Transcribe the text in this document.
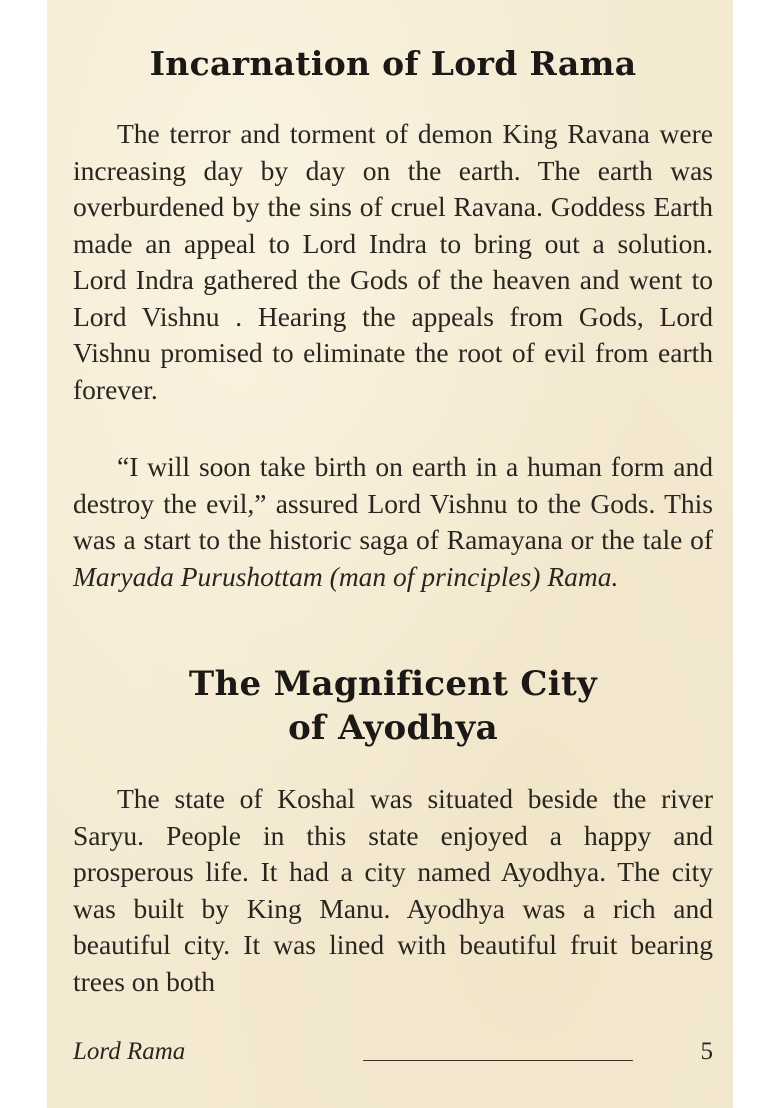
Incarnation of Lord Rama

The terror and torment of demon King Ravana were increasing day by day on the earth. The earth was overburdened by the sins of cruel Ravana. Goddess Earth made an appeal to Lord Indra to bring out a solution. Lord Indra gathered the Gods of the heaven and went to Lord Vishnu . Hearing the appeals from Gods, Lord Vishnu promised to eliminate the root of evil from earth forever.

“I will soon take birth on earth in a human form and destroy the evil,” assured Lord Vishnu to the Gods. This was a start to the historic saga of Ramayana or the tale of Maryada Purushottam (man of principles) Rama.

The Magnificent City
of Ayodhya

The state of Koshal was situated beside the river Saryu. People in this state enjoyed a happy and prosperous life. It had a city named Ayodhya. The city was built by King Manu. Ayodhya was a rich and beautiful city. It was lined with beautiful fruit bearing trees on both

Lord Rama	5
